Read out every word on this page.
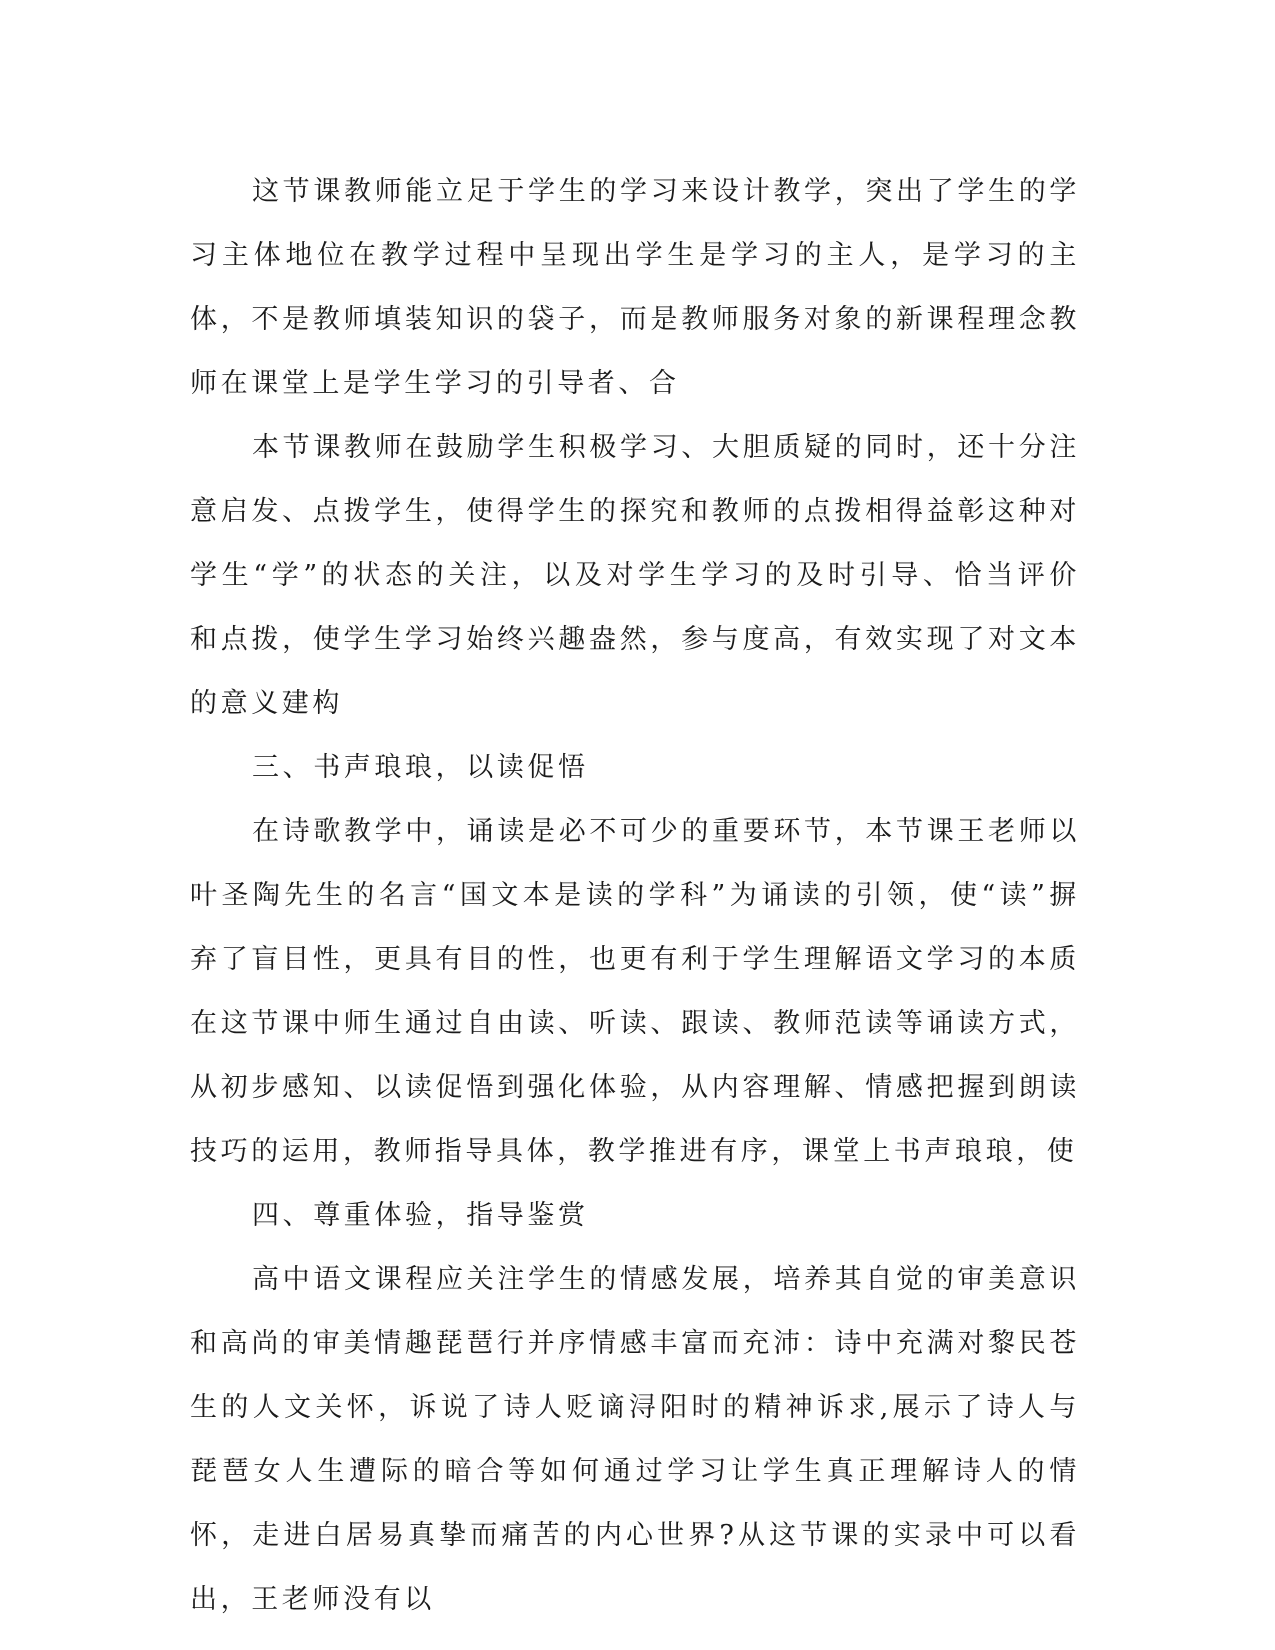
这节课教师能立足于学生的学习来设计教学，突出了学生的学习主体地位在教学过程中呈现出学生是学习的主人，是学习的主体，不是教师填装知识的袋子，而是教师服务对象的新课程理念教师在课堂上是学生学习的引导者、合

本节课教师在鼓励学生积极学习、大胆质疑的同时，还十分注意启发、点拨学生，使得学生的探究和教师的点拨相得益彰这种对学生“学”的状态的关注，以及对学生学习的及时引导、恰当评价和点拨，使学生学习始终兴趣盎然，参与度高，有效实现了对文本的意义建构

三、书声琅琅，以读促悟

在诗歌教学中，诵读是必不可少的重要环节，本节课王老师以叶圣陶先生的名言“国文本是读的学科”为诵读的引领，使“读”摒弃了盲目性，更具有目的性，也更有利于学生理解语文学习的本质在这节课中师生通过自由读、听读、跟读、教师范读等诵读方式，从初步感知、以读促悟到强化体验，从内容理解、情感把握到朗读技巧的运用，教师指导具体，教学推进有序，课堂上书声琅琅，使

四、尊重体验，指导鉴赏

高中语文课程应关注学生的情感发展，培养其自觉的审美意识和高尚的审美情趣琵琶行并序情感丰富而充沛：诗中充满对黎民苍生的人文关怀，诉说了诗人贬谪浔阳时的精神诉求,展示了诗人与琵琶女人生遭际的暗合等如何通过学习让学生真正理解诗人的情怀，走进白居易真挚而痛苦的内心世界?从这节课的实录中可以看出，王老师没有以
